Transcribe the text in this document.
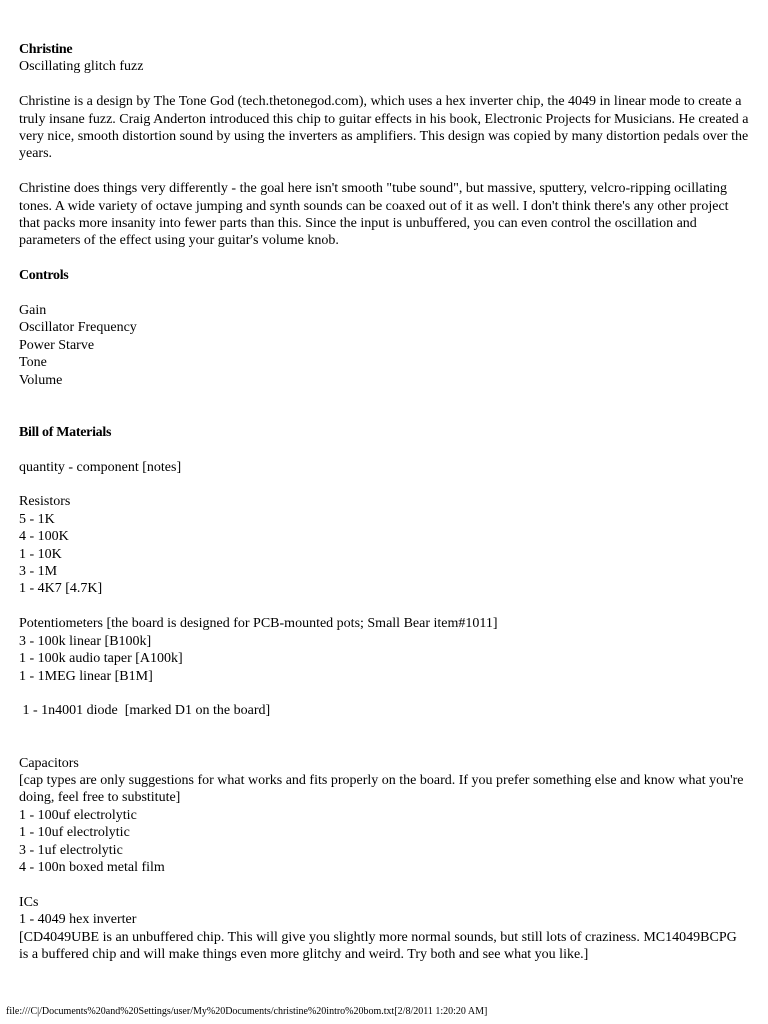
Christine

Oscillating glitch fuzz

Christine is a design by The Tone God (tech.thetonegod.com), which uses a hex inverter chip, the 4049 in linear mode to create a truly insane fuzz. Craig Anderton introduced this chip to guitar effects in his book, Electronic Projects for Musicians. He created a very nice, smooth distortion sound by using the inverters as amplifiers. This design was copied by many distortion pedals over the years.

Christine does things very differently - the goal here isn't smooth "tube sound", but massive, sputtery, velcro-ripping ocillating tones. A wide variety of octave jumping and synth sounds can be coaxed out of it as well. I don't think there's any other project that packs more insanity into fewer parts than this. Since the input is unbuffered, you can even control the oscillation and parameters of the effect using your guitar's volume knob.

Controls

Gain

Oscillator Frequency

Power Starve

Tone

Volume

Bill of Materials

quantity - component [notes]

Resistors

5 - 1K

4 - 100K

1 - 10K

3 - 1M

1 - 4K7 [4.7K]

Potentiometers [the board is designed for PCB-mounted pots; Small Bear item#1011]

3 - 100k linear [B100k]

1 - 100k audio taper [A100k]

1 - 1MEG linear [B1M]

1 - 1n4001 diode  [marked D1 on the board]

Capacitors

[cap types are only suggestions for what works and fits properly on the board. If you prefer something else and know what you're doing, feel free to substitute]

1 - 100uf electrolytic

1 - 10uf electrolytic

3 - 1uf electrolytic

4 - 100n boxed metal film

ICs

1 - 4049 hex inverter

[CD4049UBE is an unbuffered chip. This will give you slightly more normal sounds, but still lots of craziness. MC14049BCPG is a buffered chip and will make things even more glitchy and weird. Try both and see what you like.]

file:///C|/Documents%20and%20Settings/user/My%20Documents/christine%20intro%20bom.txt[2/8/2011 1:20:20 AM]
